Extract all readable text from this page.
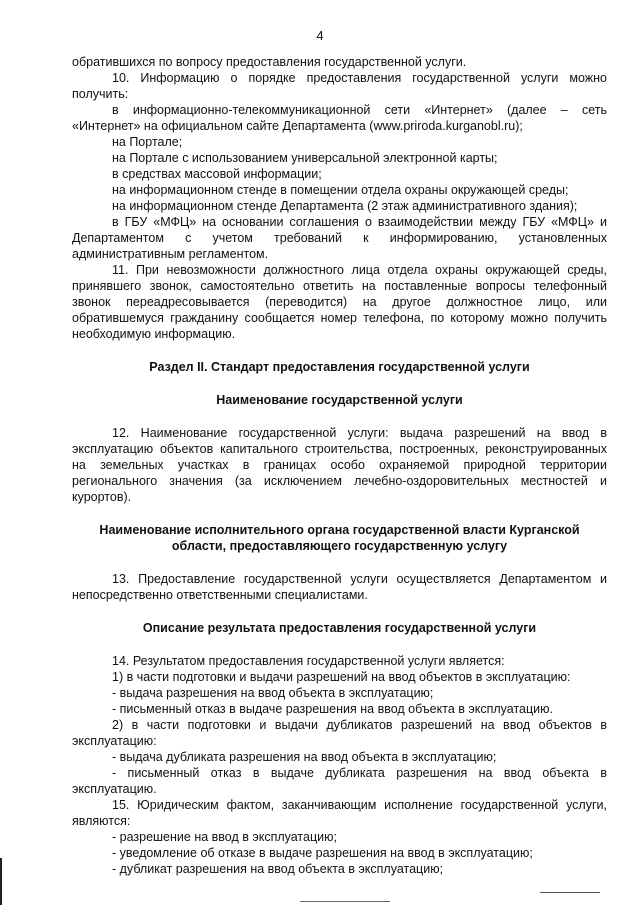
4

обратившихся по вопросу предоставления государственной услуги.

10. Информацию о порядке предоставления государственной услуги можно получить:

в информационно-телекоммуникационной сети «Интернет» (далее – сеть «Интернет» на официальном сайте Департамента (www.priroda.kurganobl.ru);

на Портале;

на Портале с использованием универсальной электронной карты;

в средствах массовой информации;

на информационном стенде в помещении отдела охраны окружающей среды;

на информационном стенде Департамента (2 этаж административного здания);

в ГБУ «МФЦ» на основании соглашения о взаимодействии между ГБУ «МФЦ» и Департаментом с учетом требований к информированию, установленных административным регламентом.

11. При невозможности должностного лица отдела охраны окружающей среды, принявшего звонок, самостоятельно ответить на поставленные вопросы телефонный звонок переадресовывается (переводится) на другое должностное лицо, или обратившемуся гражданину сообщается номер телефона, по которому можно получить необходимую информацию.

Раздел II. Стандарт предоставления государственной услуги

Наименование государственной услуги

12. Наименование государственной услуги: выдача разрешений на ввод в эксплуатацию объектов капитального строительства, построенных, реконструированных на земельных участках в границах особо охраняемой природной территории регионального значения (за исключением лечебно-оздоровительных местностей и курортов).

Наименование исполнительного органа государственной власти Курганской области, предоставляющего государственную услугу

13. Предоставление государственной услуги осуществляется Департаментом и непосредственно ответственными специалистами.

Описание результата предоставления государственной услуги

14. Результатом предоставления государственной услуги является:

1) в части подготовки и выдачи разрешений на ввод объектов в эксплуатацию:

- выдача разрешения на ввод объекта в эксплуатацию;

- письменный отказ в выдаче разрешения на ввод объекта в эксплуатацию.

2) в части подготовки и выдачи дубликатов разрешений на ввод объектов в эксплуатацию:

- выдача дубликата разрешения на ввод объекта в эксплуатацию;

- письменный отказ в выдаче дубликата разрешения на ввод объекта в эксплуатацию.

15. Юридическим фактом, заканчивающим исполнение государственной услуги, являются:

- разрешение на ввод в эксплуатацию;

- уведомление об отказе в выдаче разрешения на ввод в эксплуатацию;

- дубликат разрешения на ввод объекта в эксплуатацию;
